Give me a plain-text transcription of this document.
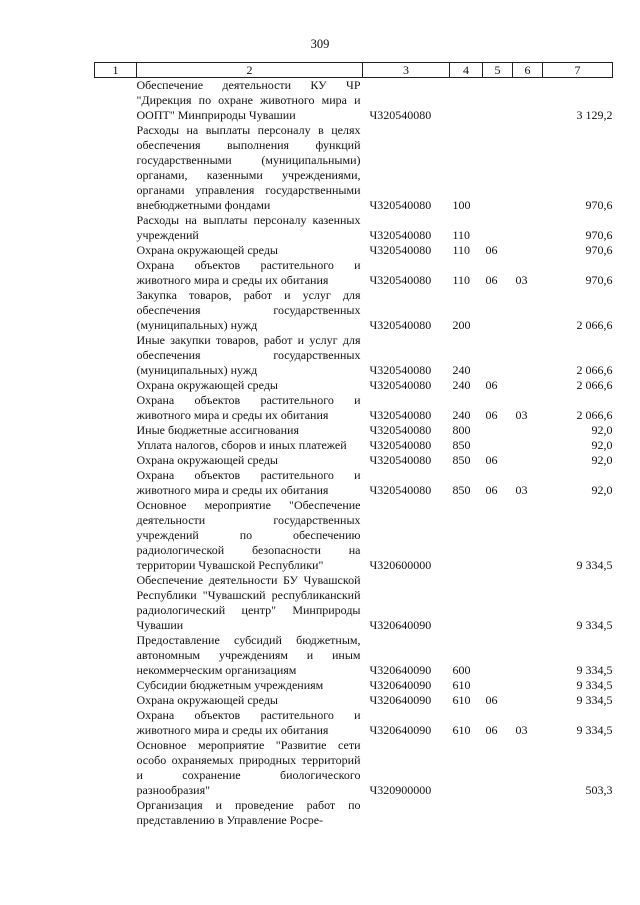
309
1	2	3	4	5	6	7
	Обеспечение деятельности КУ ЧР "Дирекция по охране животного мира и ООПТ" Минприроды Чувашии	Ч320540080				3 129,2
	Расходы на выплаты персоналу в целях обеспечения выполнения функций государственными (муниципальными) органами, казенными учреждениями, органами управления государственными внебюджетными фондами	Ч320540080	100			970,6
	Расходы на выплаты персоналу казенных учреждений	Ч320540080	110			970,6
	Охрана окружающей среды	Ч320540080	110	06		970,6
	Охрана объектов растительного и животного мира и среды их обитания	Ч320540080	110	06	03	970,6
	Закупка товаров, работ и услуг для обеспечения государственных (муниципальных) нужд	Ч320540080	200			2 066,6
	Иные закупки товаров, работ и услуг для обеспечения государственных (муниципальных) нужд	Ч320540080	240			2 066,6
	Охрана окружающей среды	Ч320540080	240	06		2 066,6
	Охрана объектов растительного и животного мира и среды их обитания	Ч320540080	240	06	03	2 066,6
	Иные бюджетные ассигнования	Ч320540080	800			92,0
	Уплата налогов, сборов и иных платежей	Ч320540080	850			92,0
	Охрана окружающей среды	Ч320540080	850	06		92,0
	Охрана объектов растительного и животного мира и среды их обитания	Ч320540080	850	06	03	92,0
	Основное мероприятие "Обеспечение деятельности государственных учреждений по обеспечению радиологической безопасности на территории Чувашской Республики"	Ч320600000				9 334,5
	Обеспечение деятельности БУ Чувашской Республики "Чувашский республиканский радиологический центр" Минприроды Чувашии	Ч320640090				9 334,5
	Предоставление субсидий бюджетным, автономным учреждениям и иным некоммерческим организациям	Ч320640090	600			9 334,5
	Субсидии бюджетным учреждениям	Ч320640090	610			9 334,5
	Охрана окружающей среды	Ч320640090	610	06		9 334,5
	Охрана объектов растительного и животного мира и среды их обитания	Ч320640090	610	06	03	9 334,5
	Основное мероприятие "Развитие сети особо охраняемых природных территорий и сохранение биологического разнообразия"	Ч320900000				503,3
	Организация и проведение работ по представлению в Управление Росре-					
